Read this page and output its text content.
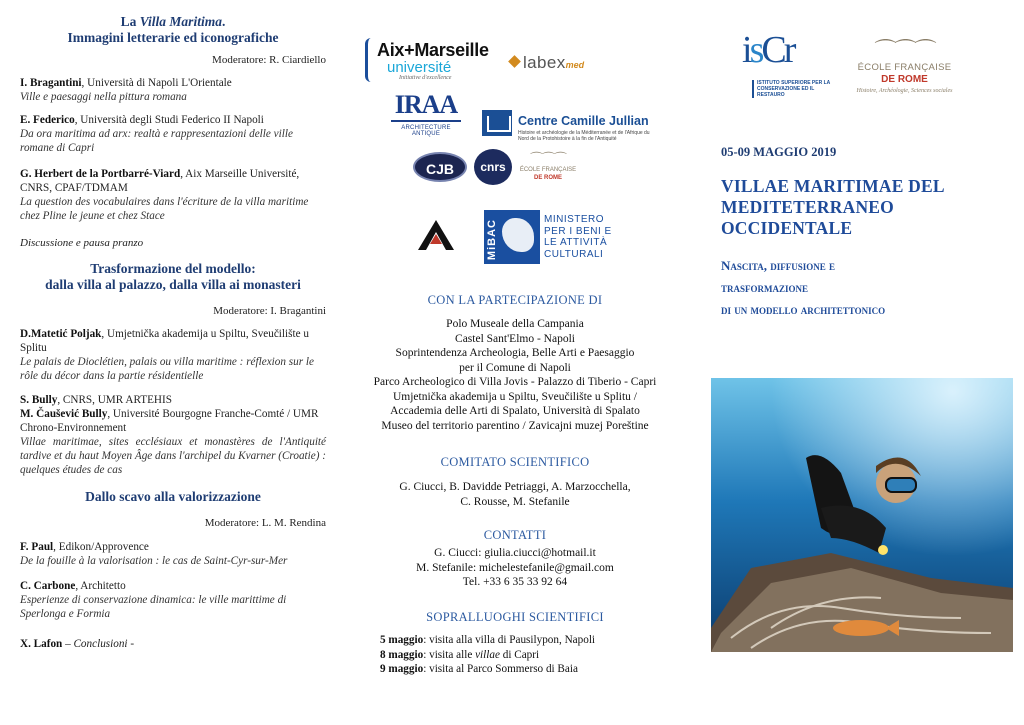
La Villa Maritima.
Immagini letterarie ed iconografiche
Moderatore: R. Ciardiello
I. Bragantini, Università di Napoli L'Orientale
Ville e paesaggi nella pittura romana
E. Federico, Università degli Studi Federico II Napoli
Da ora maritima ad arx: realtà e rappresentazioni delle ville romane di Capri
G. Herbert de la Portbarré-Viard, Aix Marseille Université, CNRS, CPAF/TDMAM
La question des vocabulaires dans l'écriture de la villa maritime chez Pline le jeune et chez Stace
Discussione e pausa pranzo
Trasformazione del modello:
dalla villa al palazzo, dalla villa ai monasteri
Moderatore: I. Bragantini
D.Matetić Poljak, Umjetnička akademija u Spiltu, Sveučilište u Splitu
Le palais de Dioclétien, palais ou villa maritime : réflexion sur le rôle du décor dans la partie résidentielle
S. Bully, CNRS, UMR ARTEHIS
M. Čaušević Bully, Université Bourgogne Franche-Comté / UMR Chrono-Environnement
Villae maritimae, sites ecclésiaux et monastères de l'Antiquité tardive et du haut Moyen Âge dans l'archipel du Kvarner (Croatie) : quelques études de cas
Dallo scavo alla valorizzazione
Moderatore: L. M. Rendina
F. Paul, Edikon/Approvence
De la fouille à la valorisation : le cas de Saint-Cyr-sur-Mer
C. Carbone, Architetto
Esperienze di conservazione dinamica: le ville marittime di Sperlonga e Formia
X. Lafon – Conclusioni -
Aix+Marseille
université
Initiative d'excellence
labexmed
IRAA
ARCHITECTURE ANTIQUE
Centre Camille Jullian
Histoire et archéologie de la Méditerranée et de l'Afrique du Nord de la Protohistoire à la fin de l'Antiquité
CJB	cnrs
⌒⌒⌒
ÉCOLE FRANÇAISE
DE ROME
MiBAC	MINISTERO
PER I BENI E
LE ATTIVITÀ
CULTURALI
CON LA PARTECIPAZIONE DI
Polo Museale della Campania
Castel Sant'Elmo - Napoli
Soprintendenza Archeologia, Belle Arti e Paesaggio
per il Comune di Napoli
Parco Archeologico di Villa Jovis - Palazzo di Tiberio - Capri
Umjetnička akademija u Spiltu, Sveučilište u Splitu /
Accademia delle Arti di Spalato, Università di Spalato
Museo del territorio parentino / Zavicajni muzej Poreštine
COMITATO SCIENTIFICO
G. Ciucci, B. Davidde Petriaggi, A. Marzocchella,
C. Rousse, M. Stefanile
CONTATTI
G. Ciucci: giulia.ciucci@hotmail.it
M. Stefanile: michelestefanile@gmail.com
Tel. +33 6 35 33 92 64
SOPRALLUOGHI SCIENTIFICI
5 maggio: visita alla villa di Pausilypon, Napoli
8 maggio: visita alle villae di Capri
9 maggio: visita al Parco Sommerso di Baia
isCr
ISTITUTO SUPERIORE PER LA CONSERVAZIONE ED IL RESTAURO
⌒⌒⌒
ÉCOLE FRANÇAISE
DE ROME
Histoire, Archéologie, Sciences sociales
05-09 MAGGIO 2019
VILLAE MARITIMAE DEL
MEDITETERRANEO
OCCIDENTALE
Nascita, diffusione e
trasformazione
di un modello architettonico
